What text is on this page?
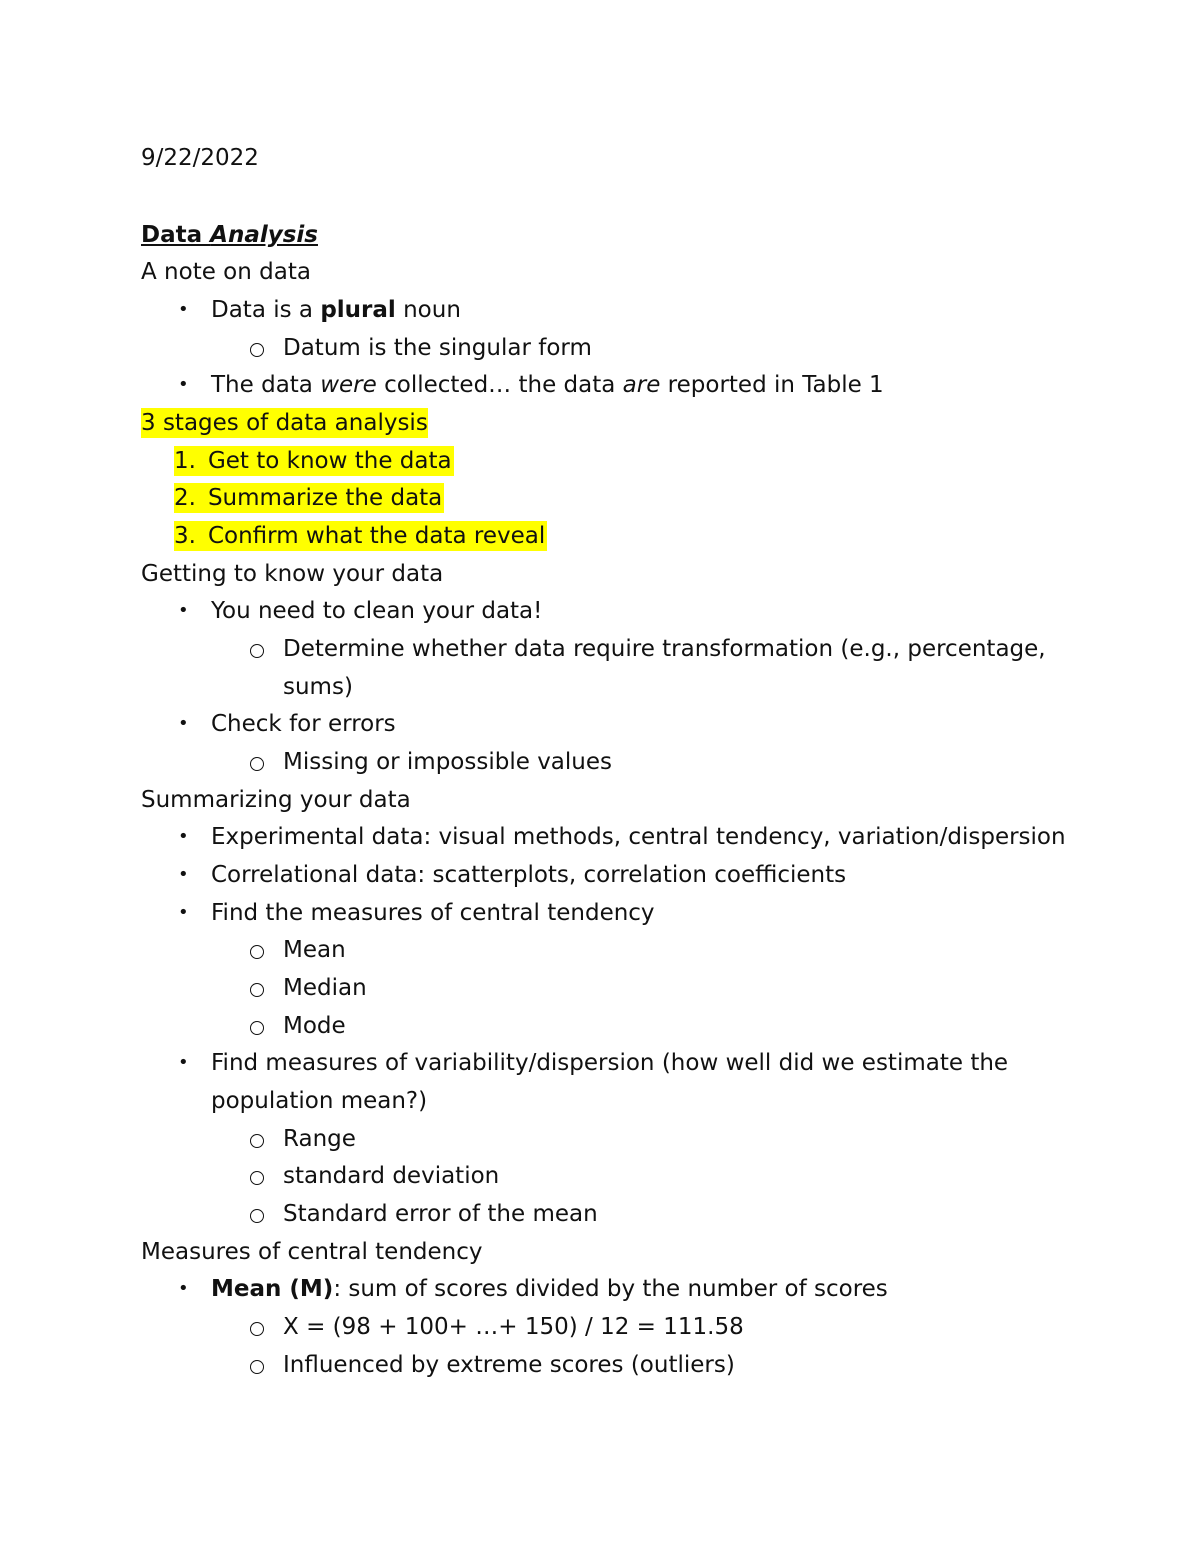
9/22/2022
Data Analysis
A note on data
• Data is a plural noun
Datum is the singular form
• The data were collected… the data are reported in Table 1
3 stages of data analysis
1. Get to know the data
2. Summarize the data
3. Confirm what the data reveal
Getting to know your data
• You need to clean your data!
Determine whether data require transformation (e.g., percentage,
sums)
• Check for errors
Missing or impossible values
Summarizing your data
• Experimental data: visual methods, central tendency, variation/dispersion
• Correlational data: scatterplots, correlation coefficients
• Find the measures of central tendency
Mean
Median
Mode
• Find measures of variability/dispersion (how well did we estimate the
population mean?)
Range
standard deviation
Standard error of the mean
Measures of central tendency
• Mean (M): sum of scores divided by the number of scores
X = (98 + 100+ …+ 150) / 12 = 111.58
Influenced by extreme scores (outliers)
